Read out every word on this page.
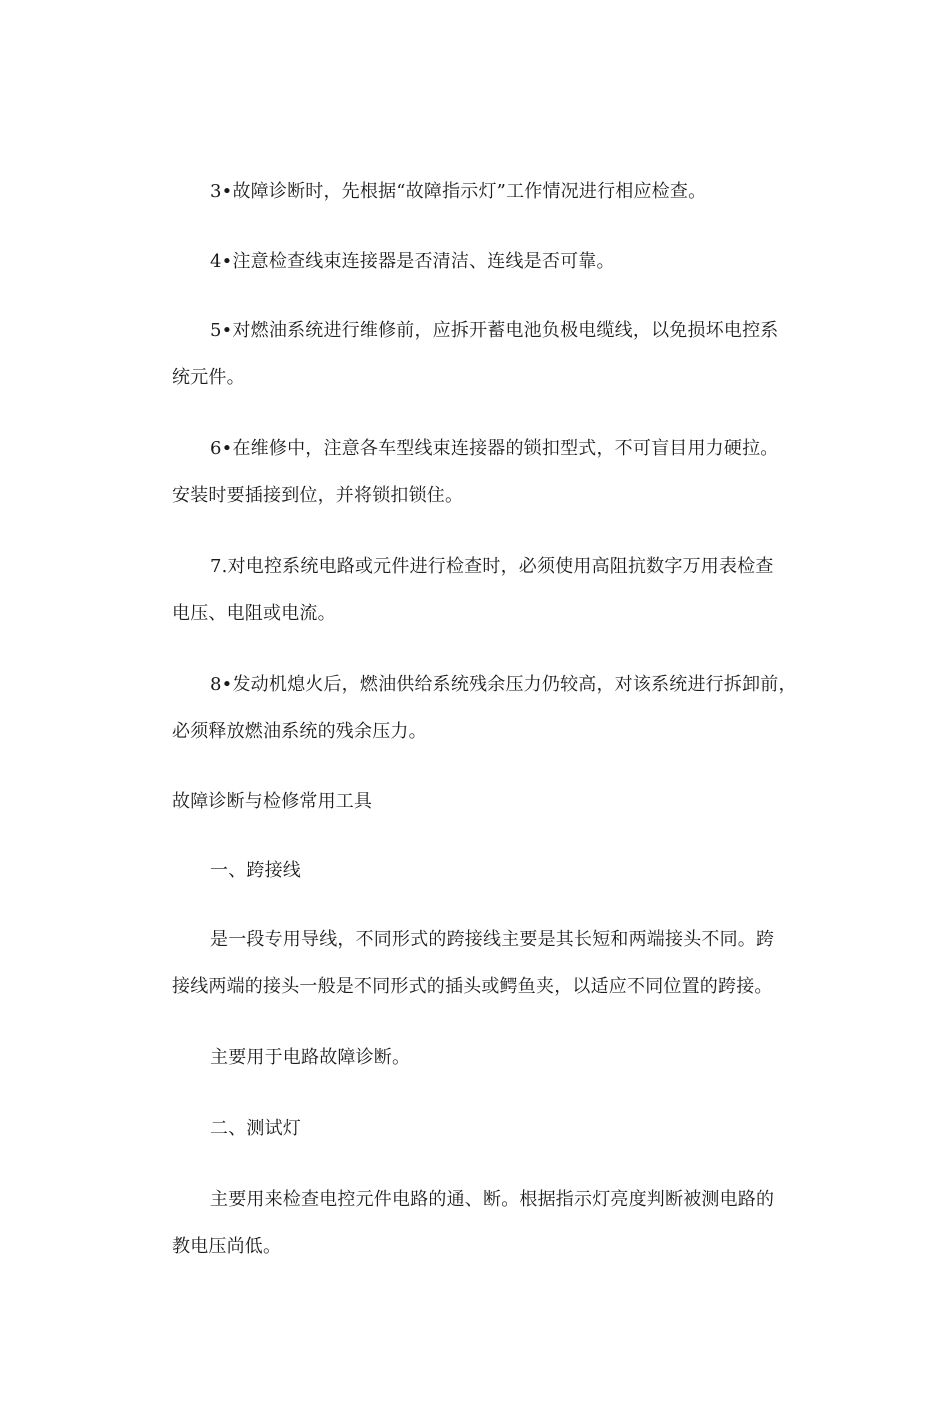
3•故障诊断时，先根据“故障指示灯”工作情况进行相应检查。
4•注意检查线束连接器是否清洁、连线是否可靠。
5•对燃油系统进行维修前，应拆开蓄电池负极电缆线，以免损坏电控系
统元件。
6•在维修中，注意各车型线束连接器的锁扣型式，不可盲目用力硬拉。
安装时要插接到位，并将锁扣锁住。
7.对电控系统电路或元件进行检查时，必须使用高阻抗数字万用表检查
电压、电阻或电流。
8•发动机熄火后，燃油供给系统残余压力仍较高，对该系统进行拆卸前，
必须释放燃油系统的残余压力。
故障诊断与检修常用工具
一、跨接线
是一段专用导线，不同形式的跨接线主要是其长短和两端接头不同。跨
接线两端的接头一般是不同形式的插头或鳄鱼夹，以适应不同位置的跨接。
主要用于电路故障诊断。
二、测试灯
主要用来检查电控元件电路的通、断。根据指示灯亮度判断被测电路的
教电压尚低。
